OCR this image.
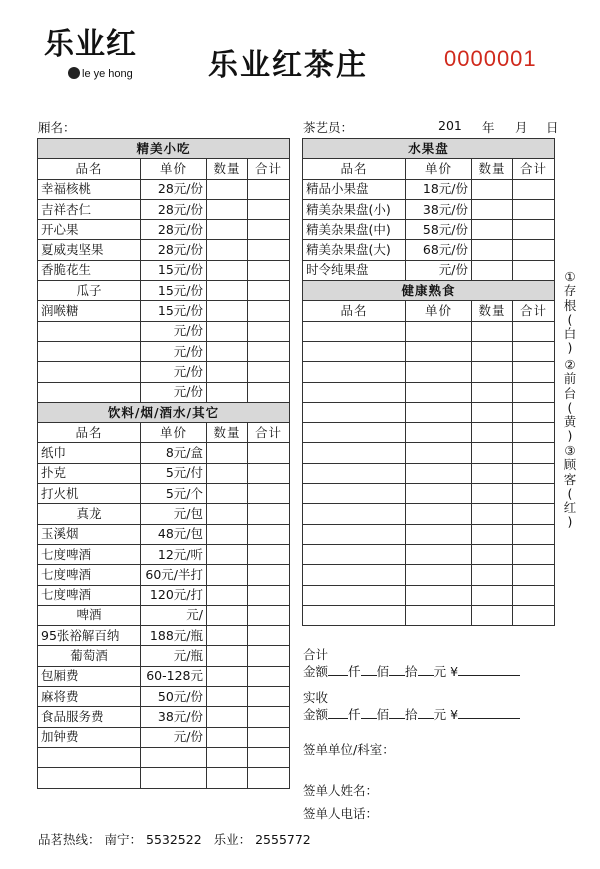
乐业红
le ye hong	乐业红茶庄	0000001
厢名：	茶艺员：	201 年 月 日
精美小吃			
品名	单价	数量	合计
幸福核桃	28元/份		
吉祥杏仁	28元/份		
开心果	28元/份		
夏威夷坚果	28元/份		
香脆花生	15元/份		
瓜子	15元/份		
润喉糖	15元/份		
	元/份		
	元/份		
	元/份		
	元/份		
饮料/烟/酒水/其它			
品名	单价	数量	合计
纸巾	8元/盒		
扑克	5元/付		
打火机	5元/个		
真龙	元/包		
玉溪烟	48元/包		
七度啤酒	12元/听		
七度啤酒	60元/半打		
七度啤酒	120元/打		
啤酒	元/		
95张裕解百纳	188元/瓶		
葡萄酒	元/瓶		
包厢费	60-128元		
麻将费	50元/份		
食品服务费	38元/份		
加钟费	元/份		

水果盘			
品名	单价	数量	合计
精品小果盘	18元/份		
精美杂果盘(小)	38元/份		
精美杂果盘(中)	58元/份		
精美杂果盘(大)	68元/份		
时令纯果盘	元/份		
健康熟食			
品名	单价	数量	合计

合计
金额 仟 佰 拾 元 ¥
实收
金额 仟 佰 拾 元 ¥
签单单位/科室：
签单人姓名：
签单人电话：
①

存
根
(
白
)
②

前
台
(
黄
)
③

顾
客
(
红
)
品茗热线： 南宁： 5532522 乐业： 2555772
